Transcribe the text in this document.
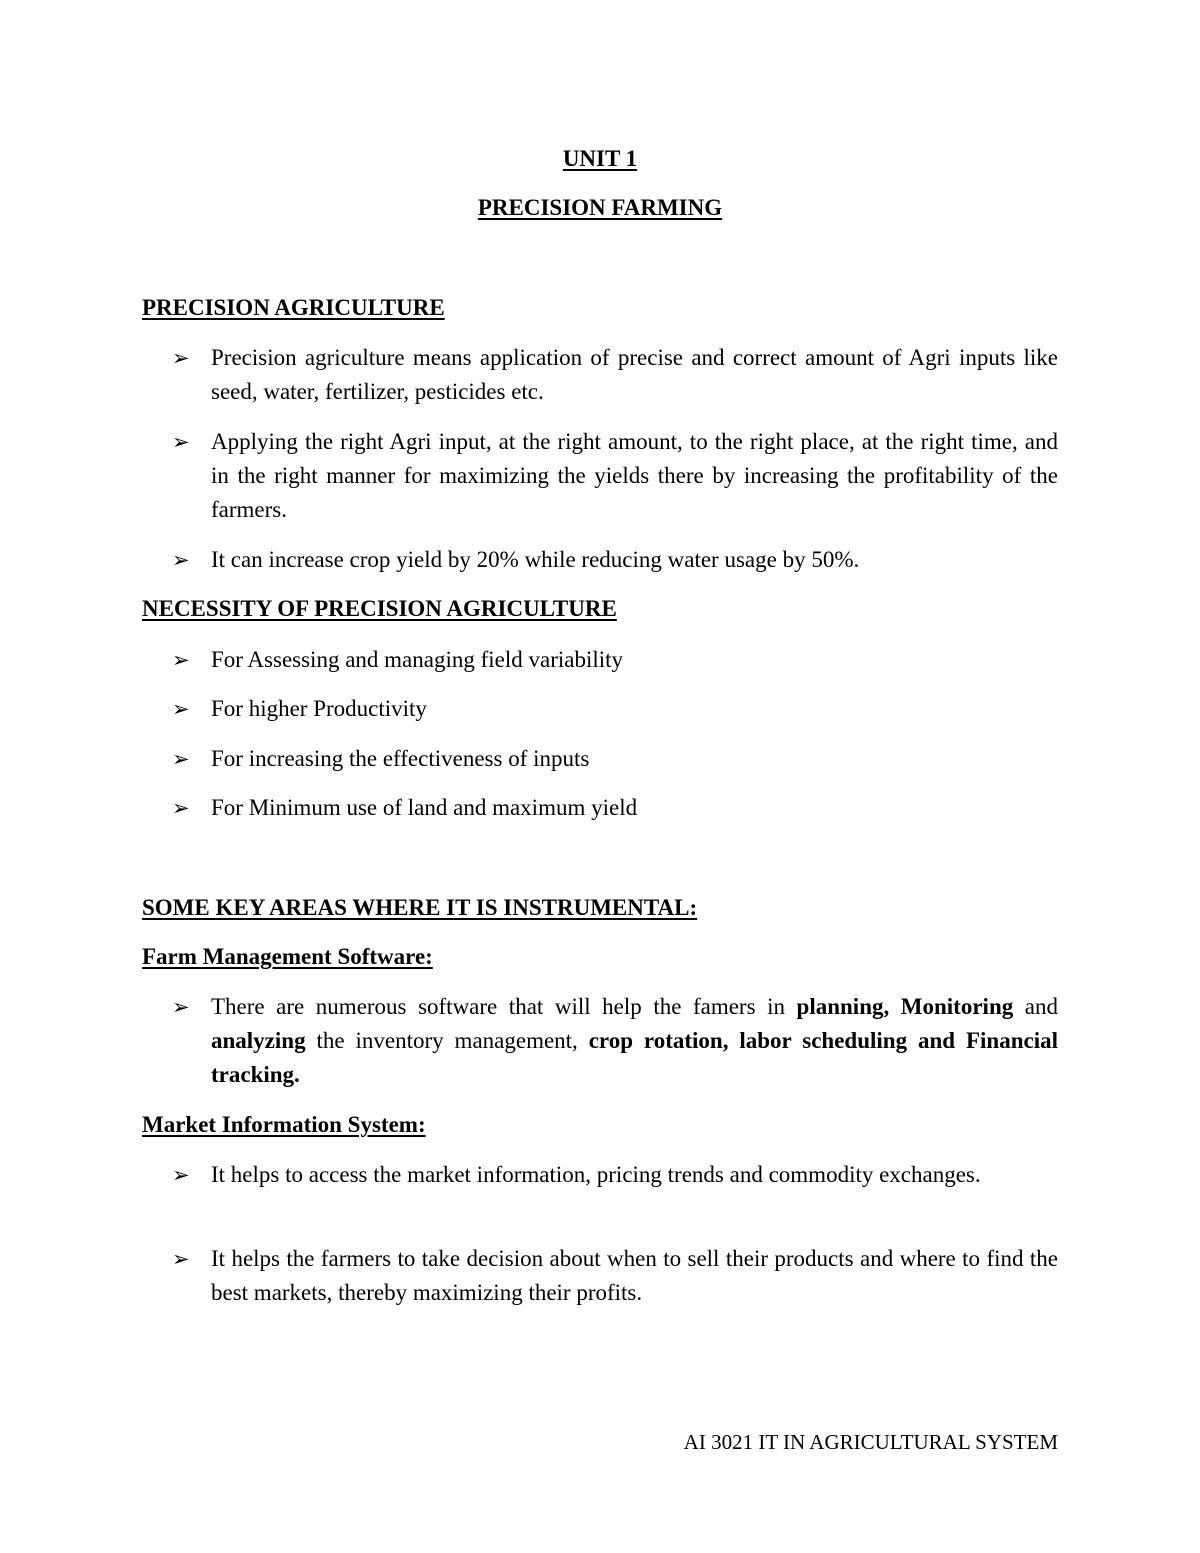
UNIT 1
PRECISION FARMING
PRECISION AGRICULTURE
➢ Precision agriculture means application of precise and correct amount of Agri inputs like seed, water, fertilizer, pesticides etc.
➢ Applying the right Agri input, at the right amount, to the right place, at the right time, and in the right manner for maximizing the yields there by increasing the profitability of the farmers.
➢ It can increase crop yield by 20% while reducing water usage by 50%.
NECESSITY OF PRECISION AGRICULTURE
➢ For Assessing and managing field variability
➢ For higher Productivity
➢ For increasing the effectiveness of inputs
➢ For Minimum use of land and maximum yield
SOME KEY AREAS WHERE IT IS INSTRUMENTAL:
Farm Management Software:
➢ There are numerous software that will help the famers in planning, Monitoring and analyzing the inventory management, crop rotation, labor scheduling and Financial tracking.
Market Information System:
➢ It helps to access the market information, pricing trends and commodity exchanges.
➢ It helps the farmers to take decision about when to sell their products and where to find the best markets, thereby maximizing their profits.
AI 3021 IT IN AGRICULTURAL SYSTEM
